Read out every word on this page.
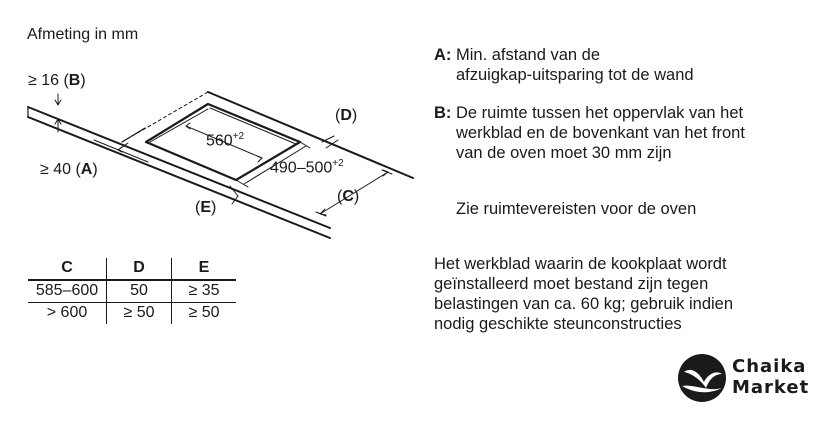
Afmeting in mm
≥ 16 (B)
≥ 40 (A)
(D)
(C)
(E)
$560^{+2}$
$490-500^{+2}$
C	D	E
585–600	50	≥ 35
> 600	≥ 50	≥ 50
A: Min. afstand van de
afzuigkap-uitsparing tot de wand
B: De ruimte tussen het oppervlak van het
werkblad en de bovenkant van het front
van de oven moet 30 mm zijn
Zie ruimtevereisten voor de oven
Het werkblad waarin de kookplaat wordt
geïnstalleerd moet bestand zijn tegen
belastingen van ca. 60 kg; gebruik indien
nodig geschikte steunconstructies
Chaika
Market
